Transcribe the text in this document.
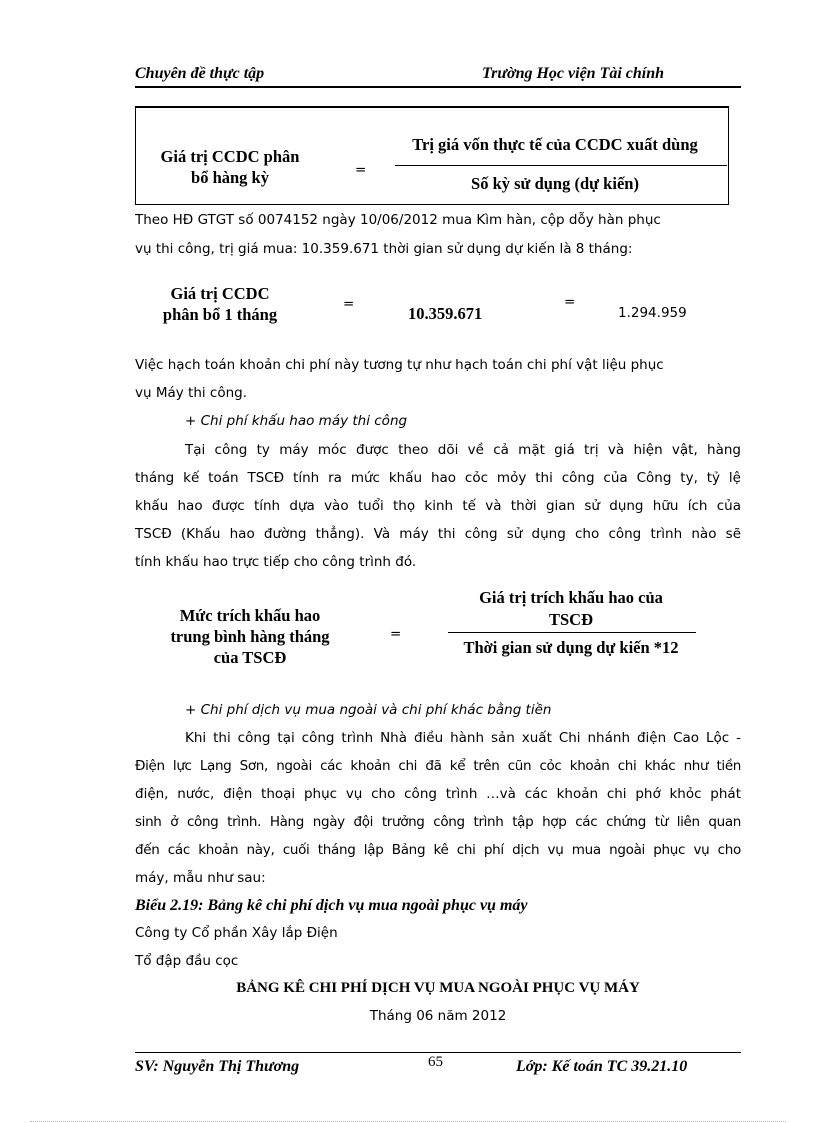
Chuyên đề thực tập	Trường Học viện Tài chính
Giá trị CCDC phân
bổ hàng kỳ	=
Trị giá vốn thực tế của CCDC xuất dùng
Số kỳ sử dụng (dự kiến)
Theo HĐ GTGT số 0074152 ngày 10/06/2012 mua Kìm hàn, cộp dỗy hàn phục
vụ thi công, trị giá mua: 10.359.671 thời gian sử dụng dự kiến là 8 tháng:
Giá trị CCDC
phân bổ 1 tháng
=	10.359.671
=
1.294.959
Việc hạch toán khoản chi phí này tương tự như hạch toán chi phí vật liệu phục
vụ Máy thi công.
+ Chi phí khấu hao máy thi công
Tại công ty máy móc được theo dõi về cả mặt giá trị và hiện vật, hàng
tháng kế toán TSCĐ tính ra mức khấu hao cỏc mỏy thi công của Công ty, tỷ lệ
khấu hao được tính dựa vào tuổi thọ kinh tế và thời gian sử dụng hữu ích của
TSCĐ (Khấu hao đường thẳng). Và máy thi công sử dụng cho công trình nào sẽ
tính khấu hao trực tiếp cho công trình đó.
Mức trích khấu hao
trung bình hàng tháng
của TSCĐ
=
Giá trị trích khấu hao của
TSCĐ
Thời gian sử dụng dự kiến *12
+ Chi phí dịch vụ mua ngoài và chi phí khác bằng tiền
Khi thi công tại công trình Nhà điều hành sản xuất Chi nhánh điện Cao Lộc -
Điện lực Lạng Sơn, ngoài các khoản chi đã kể trên cũn cỏc khoản chi khác như tiền
điện, nước, điện thoại phục vụ cho công trình …và các khoản chi phớ khỏc phát
sinh ở công trình. Hàng ngày đội trưởng công trình tập hợp các chứng từ liên quan
đến các khoản này, cuối tháng lập Bảng kê chi phí dịch vụ mua ngoài phục vụ cho
máy, mẫu như sau:
Biểu 2.19: Bảng kê chi phí dịch vụ mua ngoài phục vụ máy
Công ty Cổ phần Xây lắp Điện
Tổ đập đầu cọc
BẢNG KÊ CHI PHÍ DỊCH VỤ MUA NGOÀI PHỤC VỤ MÁY
Tháng 06 năm 2012
SV: Nguyễn Thị Thương	65	Lớp: Kế toán TC 39.21.10
